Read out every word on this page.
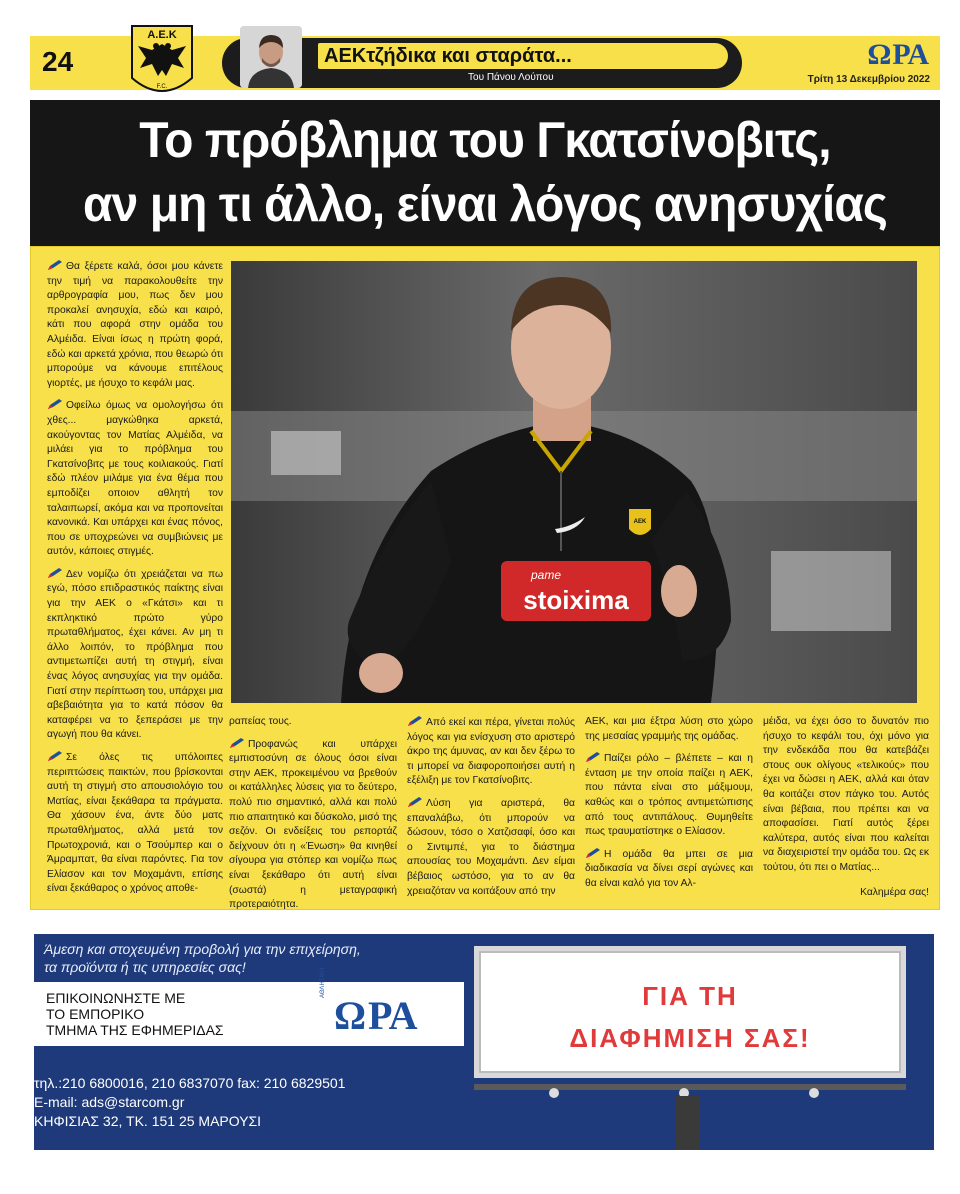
24
Α.Ε.Κ
F.C.
AEKτζήδικα και σταράτα...
Του Πάνου Λούπου
ΩΡΑ
Τρίτη 13 Δεκεμβρίου 2022
Το πρόβλημα του Γκατσίνοβιτς,
αν μη τι άλλο, είναι λόγος ανησυχίας
pame
stoixima
AEK

Θα ξέρετε καλά, όσοι μου κάνετε την τιμή να παρακολουθείτε την αρθρογραφία μου, πως δεν μου προκαλεί ανησυχία, εδώ και καιρό, κάτι που αφορά στην ομάδα του Αλμέιδα. Είναι ίσως η πρώτη φορά, εδώ και αρκετά χρόνια, που θεωρώ ότι μπορούμε να κάνουμε επιτέλους γιορτές, με ήσυχο το κεφάλι μας.

Οφείλω όμως να ομολογήσω ότι χθες... μαγκώθηκα αρκετά, ακούγοντας τον Ματίας Αλμέιδα, να μιλάει για το πρόβλημα του Γκατσίνοβιτς με τους κοιλιακούς. Γιατί εδώ πλέον μιλάμε για ένα θέμα που εμποδίζει οποιον αθλητή τον ταλαιπωρεί, ακόμα και να προπονείται κανονικά. Και υπάρχει και ένας πόνος, που σε υποχρεώνει να συμβιώνεις με αυτόν, κάποιες στιγμές.

Δεν νομίζω ότι χρειάζεται να πω εγώ, πόσο επιδραστικός παίκτης είναι για την ΑΕΚ ο «Γκάτσι» και τι εκπληκτικό πρώτο γύρο πρωταθλήματος, έχει κάνει. Αν μη τι άλλο λοιπόν, το πρόβλημα που αντιμετωπίζει αυτή τη στιγμή, είναι ένας λόγος ανησυχίας για την ομάδα. Γιατί στην περίπτωση του, υπάρχει μια αβεβαιότητα για το κατά πόσον θα καταφέρει να το ξεπεράσει με την αγωγή που θα κάνει.

Σε όλες τις υπόλοιπες περιπτώσεις παικτών, που βρίσκονται αυτή τη στιγμή στο απουσιολόγιο του Ματίας, είναι ξεκάθαρα τα πράγματα. Θα χάσουν ένα, άντε δύο ματς πρωταθλήματος, αλλά μετά τον Πρωτοχρονιά, και ο Τσούμπερ και ο Άμραμπατ, θα είναι παρόντες. Για τον Ελίασον και τον Μοχαμάντι, επίσης είναι ξεκάθαρος ο χρόνος αποθε-

ραπείας τους.

Προφανώς και υπάρχει εμπιστοσύνη σε όλους όσοι είναι στην ΑΕΚ, προκειμένου να βρεθούν οι κατάλληλες λύσεις για το δεύτερο, πολύ πιο σημαντικό, αλλά και πολύ πιο απαιτητικό και δύσκολο, μισό της σεζόν. Οι ενδείξεις του ρεπορτάζ δείχνουν ότι η «Ένωση» θα κινηθεί σίγουρα για στόπερ και νομίζω πως είναι ξεκάθαρο ότι αυτή είναι (σωστά) η μεταγραφική προτεραιότητα.

Από εκεί και πέρα, γίνεται πολύς λόγος και για ενίσχυση στο αριστερό άκρο της άμυνας, αν και δεν ξέρω το τι μπορεί να διαφοροποιήσει αυτή η εξέλιξη με τον Γκατσίνοβιτς.

Λύση για αριστερά, θα επαναλάβω, ότι μπορούν να δώσουν, τόσο ο Χατζισαφί, όσο και ο Σιντιμπέ, για το διάστημα απουσίας του Μοχαμάντι. Δεν είμαι βέβαιος ωστόσο, για το αν θα χρειαζόταν να κοιτάξουν από την

ΑΕΚ, και μια έξτρα λύση στο χώρο της μεσαίας γραμμής της ομάδας.

Παίζει ρόλο – βλέπετε – και η ένταση με την οποία παίζει η ΑΕΚ, που πάντα είναι στο μάξιμουμ, καθώς και ο τρόπος αντιμετώπισης από τους αντιπάλους. Θυμηθείτε πως τραυματίστηκε ο Ελίασον.

Η ομάδα θα μπει σε μια διαδικασία να δίνει σερί αγώνες και θα είναι καλό για τον Αλ-

μέιδα, να έχει όσο το δυνατόν πιο ήσυχο το κεφάλι του, όχι μόνο για την ενδεκάδα που θα κατεβάζει στους ουκ ολίγους «τελικούς» που έχει να δώσει η ΑΕΚ, αλλά και όταν θα κοιτάζει στον πάγκο του. Αυτός είναι βέβαια, που πρέπει και να αποφασίσει. Γιατί αυτός ξέρει καλύτερα, αυτός είναι που καλείται να διαχειριστεί την ομάδα του. Ως εκ τούτου, ότι πει ο Ματίας...

Καλημέρα σας!
Άμεση και στοχευμένη προβολή για την επιχείρηση,
τα προϊόντα ή τις υπηρεσίες σας!
ΕΠΙΚΟΙΝΩΝΗΣΤΕ ΜΕ
ΤΟ ΕΜΠΟΡΙΚΟ
ΤΜΗΜΑ ΤΗΣ ΕΦΗΜΕΡΙΔΑΣ
ΑΘΛΗΤΙΚΗ
ΩΡΑ
τηλ.:210 6800016, 210 6837070 fax: 210 6829501
E-mail: ads@starcom.gr
ΚΗΦΙΣΙΑΣ 32, ΤΚ. 151 25 ΜΑΡΟΥΣΙ
ΓΙΑ ΤΗ
ΔΙΑΦΗΜΙΣΗ ΣΑΣ!
